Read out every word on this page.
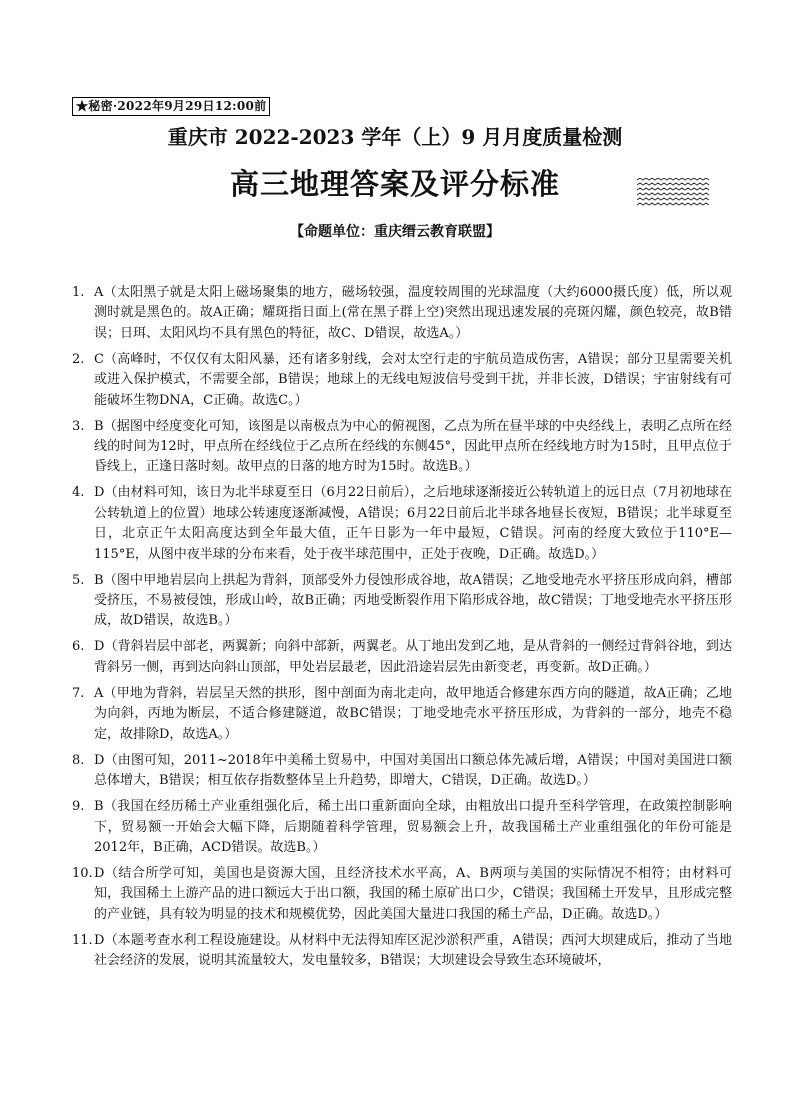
★秘密·2022年9月29日12:00前
重庆市 2022-2023 学年（上）9 月月度质量检测
高三地理答案及评分标准
【命题单位：重庆缙云教育联盟】
1. A（太阳黑子就是太阳上磁场聚集的地方，磁场较强，温度较周围的光球温度（大约6000摄氏度）低，所以观测时就是黑色的。故A正确；耀斑指日面上(常在黑子群上空)突然出现迅速发展的亮斑闪耀，颜色较亮，故B错误；日珥、太阳风均不具有黑色的特征，故C、D错误，故选A。）
2. C（高峰时，不仅仅有太阳风暴，还有诸多射线，会对太空行走的宇航员造成伤害，A错误；部分卫星需要关机或进入保护模式，不需要全部，B错误；地球上的无线电短波信号受到干扰，并非长波，D错误；宇宙射线有可能破坏生物DNA，C正确。故选C。）
3. B（据图中经度变化可知，该图是以南极点为中心的俯视图，乙点为所在昼半球的中央经线上，表明乙点所在经线的时间为12时，甲点所在经线位于乙点所在经线的东侧45°，因此甲点所在经线地方时为15时，且甲点位于昏线上，正逢日落时刻。故甲点的日落的地方时为15时。故选B。）
4. D（由材料可知，该日为北半球夏至日（6月22日前后），之后地球逐渐接近公转轨道上的远日点（7月初地球在公转轨道上的位置）地球公转速度逐渐减慢，A错误；6月22日前后北半球各地昼长夜短，B错误；北半球夏至日，北京正午太阳高度达到全年最大值，正午日影为一年中最短，C错误。河南的经度大致位于110°E—115°E，从图中夜半球的分布来看，处于夜半球范围中，正处于夜晚，D正确。故选D。）
5. B（图中甲地岩层向上拱起为背斜，顶部受外力侵蚀形成谷地，故A错误；乙地受地壳水平挤压形成向斜，槽部受挤压，不易被侵蚀，形成山岭，故B正确；丙地受断裂作用下陷形成谷地，故C错误；丁地受地壳水平挤压形成，故D错误，故选B。）
6. D（背斜岩层中部老，两翼新；向斜中部新，两翼老。从丁地出发到乙地，是从背斜的一侧经过背斜谷地，到达背斜另一侧，再到达向斜山顶部，甲处岩层最老，因此沿途岩层先由新变老，再变新。故D正确。）
7. A（甲地为背斜，岩层呈天然的拱形，图中剖面为南北走向，故甲地适合修建东西方向的隧道，故A正确；乙地为向斜，丙地为断层，不适合修建隧道，故BC错误；丁地受地壳水平挤压形成，为背斜的一部分，地壳不稳定，故排除D，故选A。）
8. D（由图可知，2011~2018年中美稀土贸易中，中国对美国出口额总体先减后增，A错误；中国对美国进口额总体增大，B错误；相互依存指数整体呈上升趋势，即增大，C错误，D正确。故选D。）
9. B（我国在经历稀土产业重组强化后，稀土出口重新面向全球，由粗放出口提升至科学管理，在政策控制影响下，贸易额一开始会大幅下降，后期随着科学管理，贸易额会上升，故我国稀土产业重组强化的年份可能是2012年，B正确，ACD错误。故选B。）
10. D（结合所学可知，美国也是资源大国，且经济技术水平高，A、B两项与美国的实际情况不相符；由材料可知，我国稀土上游产品的进口额远大于出口额，我国的稀土原矿出口少，C错误；我国稀土开发早，且形成完整的产业链，具有较为明显的技术和规模优势，因此美国大量进口我国的稀土产品，D正确。故选D。）
11. D（本题考查水利工程设施建设。从材料中无法得知库区泥沙淤积严重，A错误；西河大坝建成后，推动了当地社会经济的发展，说明其流量较大，发电量较多，B错误；大坝建设会导致生态环境破坏，
